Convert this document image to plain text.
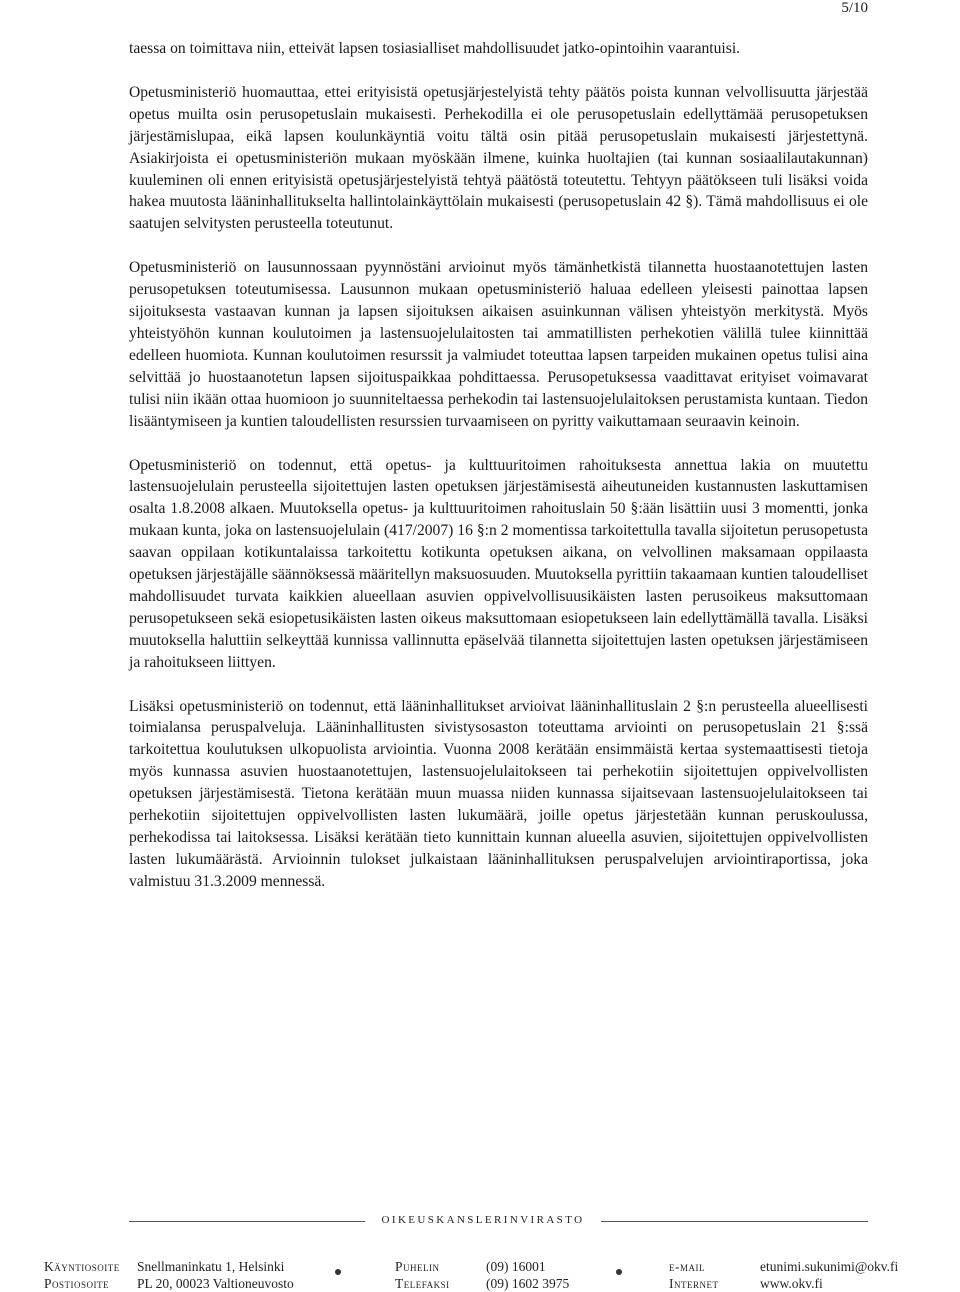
5/10

taessa on toimittava niin, etteivät lapsen tosiasialliset mahdollisuudet jatko-opintoihin vaarantuisi.

Opetusministeriö huomauttaa, ettei erityisistä opetusjärjestelyistä tehty päätös poista kunnan velvollisuutta järjestää opetus muilta osin perusopetuslain mukaisesti. Perhekodilla ei ole perusopetuslain edellyttämää perusopetuksen järjestämislupaa, eikä lapsen koulunkäyntiä voitu tältä osin pitää perusopetuslain mukaisesti järjestettynä. Asiakirjoista ei opetusministeriön mukaan myöskään ilmene, kuinka huoltajien (tai kunnan sosiaalilautakunnan) kuuleminen oli ennen erityisistä opetusjärjestelyistä tehtyä päätöstä toteutettu. Tehtyyn päätökseen tuli lisäksi voida hakea muutosta lääninhallitukselta hallintolainkäyttölain mukaisesti (perusopetuslain 42 §). Tämä mahdollisuus ei ole saatujen selvitysten perusteella toteutunut.

Opetusministeriö on lausunnossaan pyynnöstäni arvioinut myös tämänhetkistä tilannetta huostaanotettujen lasten perusopetuksen toteutumisessa. Lausunnon mukaan opetusministeriö haluaa edelleen yleisesti painottaa lapsen sijoituksesta vastaavan kunnan ja lapsen sijoituksen aikaisen asuinkunnan välisen yhteistyön merkitystä. Myös yhteistyöhön kunnan koulutoimen ja lastensuojelulaitosten tai ammatillisten perhekotien välillä tulee kiinnittää edelleen huomiota. Kunnan koulutoimen resurssit ja valmiudet toteuttaa lapsen tarpeiden mukainen opetus tulisi aina selvittää jo huostaanotetun lapsen sijoituspaikkaa pohdittaessa. Perusopetuksessa vaadittavat erityiset voimavarat tulisi niin ikään ottaa huomioon jo suunniteltaessa perhekodin tai lastensuojelulaitoksen perustamista kuntaan. Tiedon lisääntymiseen ja kuntien taloudellisten resurssien turvaamiseen on pyritty vaikuttamaan seuraavin keinoin.

Opetusministeriö on todennut, että opetus- ja kulttuuritoimen rahoituksesta annettua lakia on muutettu lastensuojelulain perusteella sijoitettujen lasten opetuksen järjestämisestä aiheutuneiden kustannusten laskuttamisen osalta 1.8.2008 alkaen. Muutoksella opetus- ja kulttuuritoimen rahoituslain 50 §:ään lisättiin uusi 3 momentti, jonka mukaan kunta, joka on lastensuojelulain (417/2007) 16 §:n 2 momentissa tarkoitettulla tavalla sijoitetun perusopetusta saavan oppilaan kotikuntalaissa tarkoitettu kotikunta opetuksen aikana, on velvollinen maksamaan oppilaasta opetuksen järjestäjälle säännöksessä määritellyn maksuosuuden. Muutoksella pyrittiin takaamaan kuntien taloudelliset mahdollisuudet turvata kaikkien alueellaan asuvien oppivelvollisuusikäisten lasten perusoikeus maksuttomaan perusopetukseen sekä esiopetusikäisten lasten oikeus maksuttomaan esiopetukseen lain edellyttämällä tavalla. Lisäksi muutoksella haluttiin selkeyttää kunnissa vallinnutta epäselvää tilannetta sijoitettujen lasten opetuksen järjestämiseen ja rahoitukseen liittyen.

Lisäksi opetusministeriö on todennut, että lääninhallitukset arvioivat lääninhallituslain 2 §:n perusteella alueellisesti toimialansa peruspalveluja. Lääninhallitusten sivistysosaston toteuttama arviointi on perusopetuslain 21 §:ssä tarkoitettua koulutuksen ulkopuolista arviointia. Vuonna 2008 kerätään ensimmäistä kertaa systemaattisesti tietoja myös kunnassa asuvien huostaanotettujen, lastensuojelulaitokseen tai perhekotiin sijoitettujen oppivelvollisten opetuksen järjestämisestä. Tietona kerätään muun muassa niiden kunnassa sijaitsevaan lastensuojelulaitokseen tai perhekotiin sijoitettujen oppivelvollisten lasten lukumäärä, joille opetus järjestetään kunnan peruskoulussa, perhekodissa tai laitoksessa. Lisäksi kerätään tieto kunnittain kunnan alueella asuvien, sijoitettujen oppivelvollisten lasten lukumäärästä. Arvioinnin tulokset julkaistaan lääninhallituksen peruspalvelujen arviointiraportissa, joka valmistuu 31.3.2009 mennessä.

OIKEUSKANSLERINVIRASTO
Käyntiosoite
Postiosoite
Snellmaninkatu 1, Helsinki
PL 20, 00023 Valtioneuvosto
Puhelin
Telefaksi
(09) 16001
(09) 1602 3975
e-mail
Internet
etunimi.sukunimi@okv.fi
www.okv.fi
